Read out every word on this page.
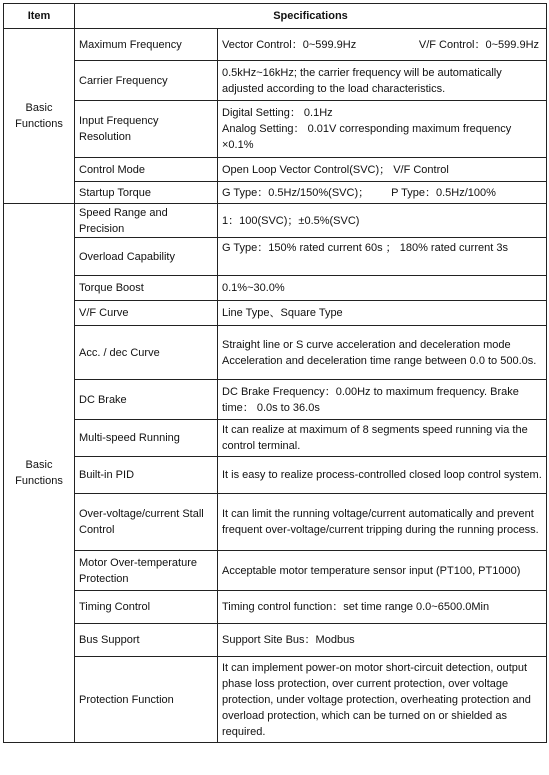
Item	Specifications	
Basic
Functions	Maximum Frequency	Vector Control：0~599.9Hz V/F Control：0~599.9Hz

	Carrier Frequency	0.5kHz~16kHz; the carrier frequency will be automatically adjusted according to the load characteristics.
	Input Frequency Resolution	Digital Setting： 0.1Hz
Analog Setting： 0.01V corresponding maximum frequency ×0.1%
	Control Mode	Open Loop Vector Control(SVC)； V/F Control
	Startup Torque	G Type：0.5Hz/150%(SVC)； P Type：0.5Hz/100%
Basic
Functions	Speed Range and Precision	1：100(SVC)；±0.5%(SVC)
	Overload Capability	G Type：150% rated current 60s ； 180% rated current 3s
	Torque Boost	0.1%~30.0%
	V/F Curve	Line Type、Square Type
	Acc. / dec Curve	Straight line or S curve acceleration and deceleration mode Acceleration and deceleration time range between 0.0 to 500.0s.
	DC Brake	DC Brake Frequency：0.00Hz to maximum frequency. Brake time： 0.0s to 36.0s
	Multi-speed Running	It can realize at maximum of 8 segments speed running via the control terminal.
	Built-in PID	It is easy to realize process-controlled closed loop control system.
	Over-voltage/current Stall Control	It can limit the running voltage/current automatically and prevent frequent over-voltage/current tripping during the running process.
	Motor Over-temperature Protection	Acceptable motor temperature sensor input (PT100, PT1000)
	Timing Control	Timing control function：set time range 0.0~6500.0Min
	Bus Support	Support Site Bus：Modbus
	Protection Function	It can implement power-on motor short-circuit detection, output phase loss protection, over current protection, over voltage protection, under voltage protection, overheating protection and overload protection, which can be turned on or shielded as required.
